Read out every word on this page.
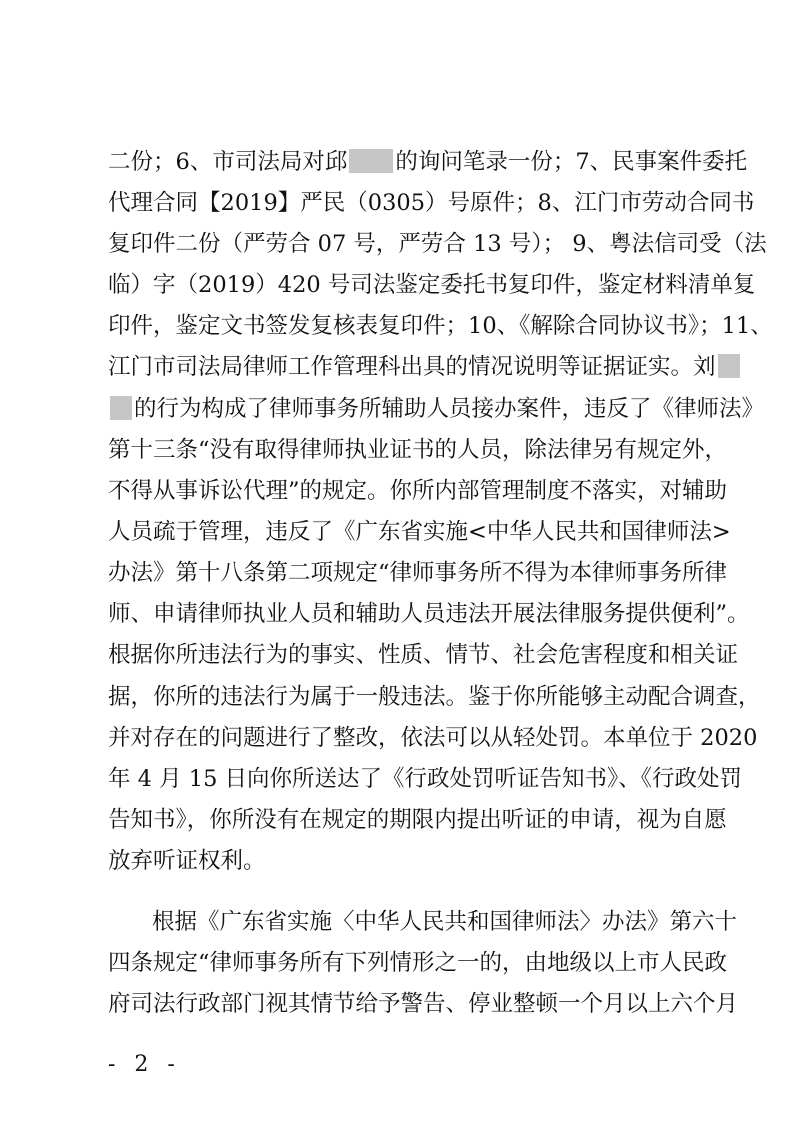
二份；6、市司法局对邱 的询问笔录一份；7、民事案件委托
代理合同【2019】严民（0305）号原件；8、江门市劳动合同书
复印件二份（严劳合 07 号，严劳合 13 号）； 9、粤法信司受（法
临）字（2019）420 号司法鉴定委托书复印件，鉴定材料清单复
印件，鉴定文书签发复核表复印件；10、《解除合同协议书》；11、
江门市司法局律师工作管理科出具的情况说明等证据证实。刘
的行为构成了律师事务所辅助人员接办案件，违反了《律师法》
第十三条“没有取得律师执业证书的人员，除法律另有规定外，
不得从事诉讼代理”的规定。你所内部管理制度不落实，对辅助
人员疏于管理，违反了《广东省实施<中华人民共和国律师法>
办法》第十八条第二项规定“律师事务所不得为本律师事务所律
师、申请律师执业人员和辅助人员违法开展法律服务提供便利”。
根据你所违法行为的事实、性质、情节、社会危害程度和相关证
据，你所的违法行为属于一般违法。鉴于你所能够主动配合调查，
并对存在的问题进行了整改，依法可以从轻处罚。本单位于 2020
年 4 月 15 日向你所送达了《行政处罚听证告知书》、《行政处罚
告知书》，你所没有在规定的期限内提出听证的申请，视为自愿
放弃听证权利。
根据《广东省实施〈中华人民共和国律师法〉办法》第六十
四条规定“律师事务所有下列情形之一的，由地级以上市人民政
府司法行政部门视其情节给予警告、停业整顿一个月以上六个月
- 2 -
